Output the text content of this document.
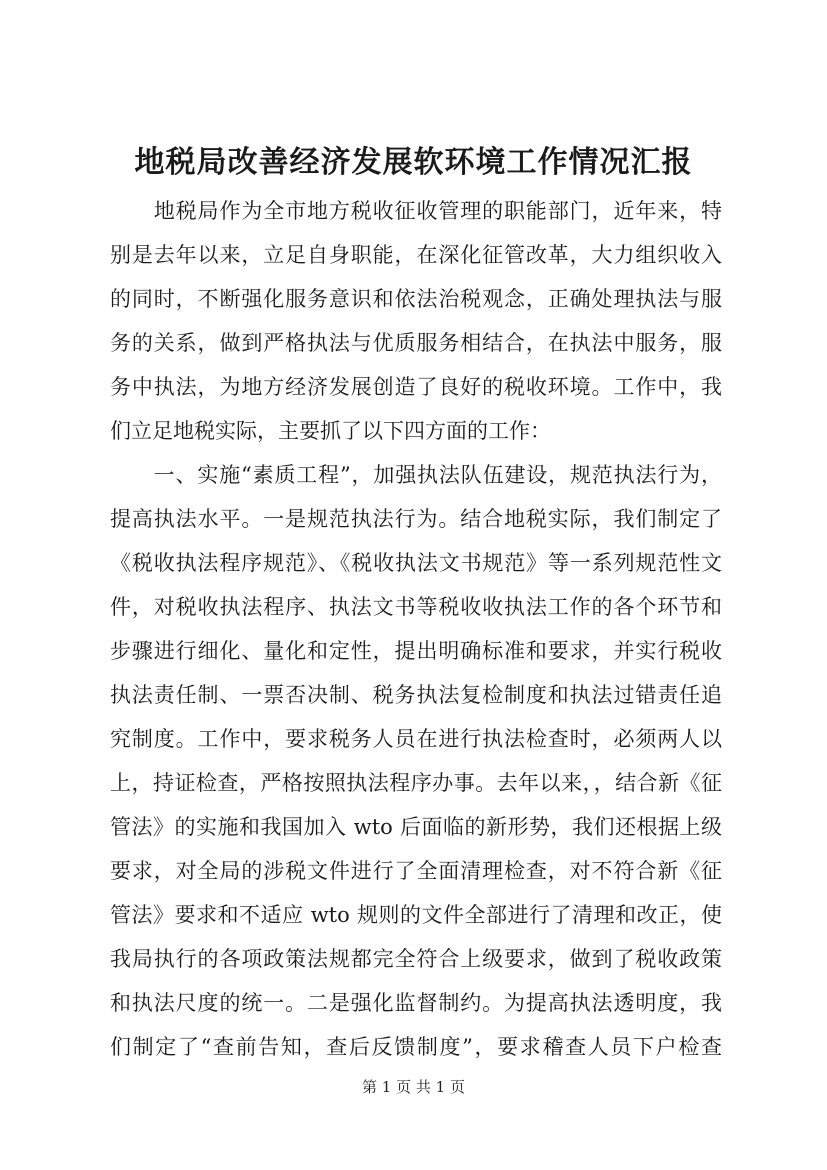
地税局改善经济发展软环境工作情况汇报
　　地税局作为全市地方税收征收管理的职能部门，近年来，特
别是去年以来，立足自身职能，在深化征管改革，大力组织收入
的同时，不断强化服务意识和依法治税观念，正确处理执法与服
务的关系，做到严格执法与优质服务相结合，在执法中服务，服
务中执法，为地方经济发展创造了良好的税收环境。工作中，我
们立足地税实际，主要抓了以下四方面的工作：
　　一、实施“素质工程”，加强执法队伍建设，规范执法行为，
提高执法水平。一是规范执法行为。结合地税实际，我们制定了
《税收执法程序规范》、《税收执法文书规范》等一系列规范性文
件，对税收执法程序、执法文书等税收收执法工作的各个环节和
步骤进行细化、量化和定性，提出明确标准和要求，并实行税收
执法责任制、一票否决制、税务执法复检制度和执法过错责任追
究制度。工作中，要求税务人员在进行执法检查时，必须两人以
上，持证检查，严格按照执法程序办事。去年以来，，结合新《征
管法》的实施和我国加入 wto 后面临的新形势，我们还根据上级
要求，对全局的涉税文件进行了全面清理检查，对不符合新《征
管法》要求和不适应 wto 规则的文件全部进行了清理和改正，使
我局执行的各项政策法规都完全符合上级要求，做到了税收政策
和执法尺度的统一。二是强化监督制约。为提高执法透明度，我
们制定了“查前告知，查后反馈制度”，要求稽查人员下户检查
第 1 页 共 1 页
